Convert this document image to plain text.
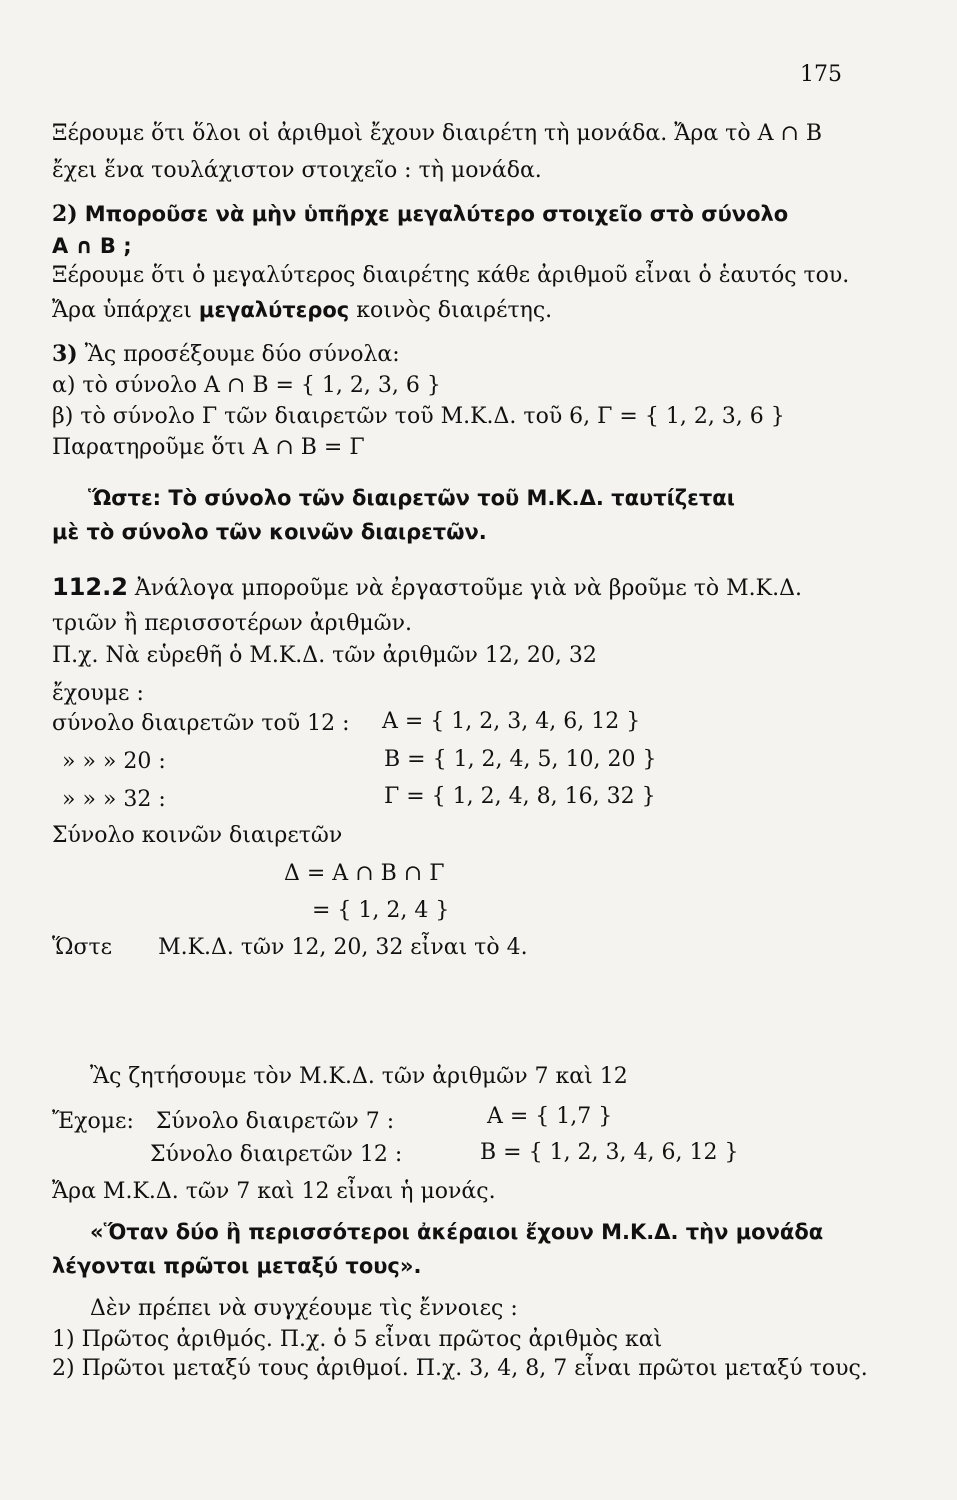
175
Ξέρουμε ὅτι ὅλοι οἱ ἀριθμοὶ ἔχουν διαιρέτη τὴ μονάδα. Ἄρα τὸ Α ∩ Β
ἔχει ἕνα τουλάχιστον στοιχεῖο : τὴ μονάδα.
2) Μποροῦσε νὰ μὴν ὑπῆρχε μεγαλύτερο στοιχεῖο στὸ σύνολο
Α ∩ Β ;
Ξέρουμε ὅτι ὁ μεγαλύτερος διαιρέτης κάθε ἀριθμοῦ εἶναι ὁ ἑαυτός του.
Ἄρα ὑπάρχει μεγαλύτερος κοινὸς διαιρέτης.
3) Ἂς προσέξουμε δύο σύνολα:
α) τὸ σύνολο Α ∩ Β = { 1, 2, 3, 6 }
β) τὸ σύνολο Γ τῶν διαιρετῶν τοῦ Μ.Κ.Δ. τοῦ 6, Γ = { 1, 2, 3, 6 }
Παρατηροῦμε ὅτι Α ∩ Β = Γ
Ὥστε: Τὸ σύνολο τῶν διαιρετῶν τοῦ Μ.Κ.Δ. ταυτίζεται
μὲ τὸ σύνολο τῶν κοινῶν διαιρετῶν.
112.2 Ἀνάλογα μποροῦμε νὰ ἐργαστοῦμε γιὰ νὰ βροῦμε τὸ Μ.Κ.Δ.
τριῶν ἢ περισσοτέρων ἀριθμῶν.
Π.χ. Νὰ εὑρεθῆ ὁ Μ.Κ.Δ. τῶν ἀριθμῶν 12, 20, 32
ἔχουμε :
σύνολο διαιρετῶν τοῦ 12 : Α = { 1, 2, 3, 4, 6, 12 }
» » » 20 :	Β = { 1, 2, 4, 5, 10, 20 }
» » » 32 :	Γ = { 1, 2, 4, 8, 16, 32 }
Σύνολο κοινῶν διαιρετῶν
Δ = Α ∩ Β ∩ Γ
= { 1, 2, 4 }
Ὥστε Μ.Κ.Δ. τῶν 12, 20, 32 εἶναι τὸ 4.
Ἂς ζητήσουμε τὸν Μ.Κ.Δ. τῶν ἀριθμῶν 7 καὶ 12
Ἔχομε: Σύνολο διαιρετῶν 7 :	Α = { 1,7 }
Σύνολο διαιρετῶν 12 :	Β = { 1, 2, 3, 4, 6, 12 }
Ἄρα Μ.Κ.Δ. τῶν 7 καὶ 12 εἶναι ἡ μονάς.
«Ὅταν δύο ἢ περισσότεροι ἀκέραιοι ἔχουν Μ.Κ.Δ. τὴν μονάδα
λέγονται πρῶτοι μεταξύ τους».
Δὲν πρέπει νὰ συγχέουμε τὶς ἔννοιες :
1) Πρῶτος ἀριθμός. Π.χ. ὁ 5 εἶναι πρῶτος ἀριθμὸς καὶ
2) Πρῶτοι μεταξύ τους ἀριθμοί. Π.χ. 3, 4, 8, 7 εἶναι πρῶτοι μεταξύ τους.
